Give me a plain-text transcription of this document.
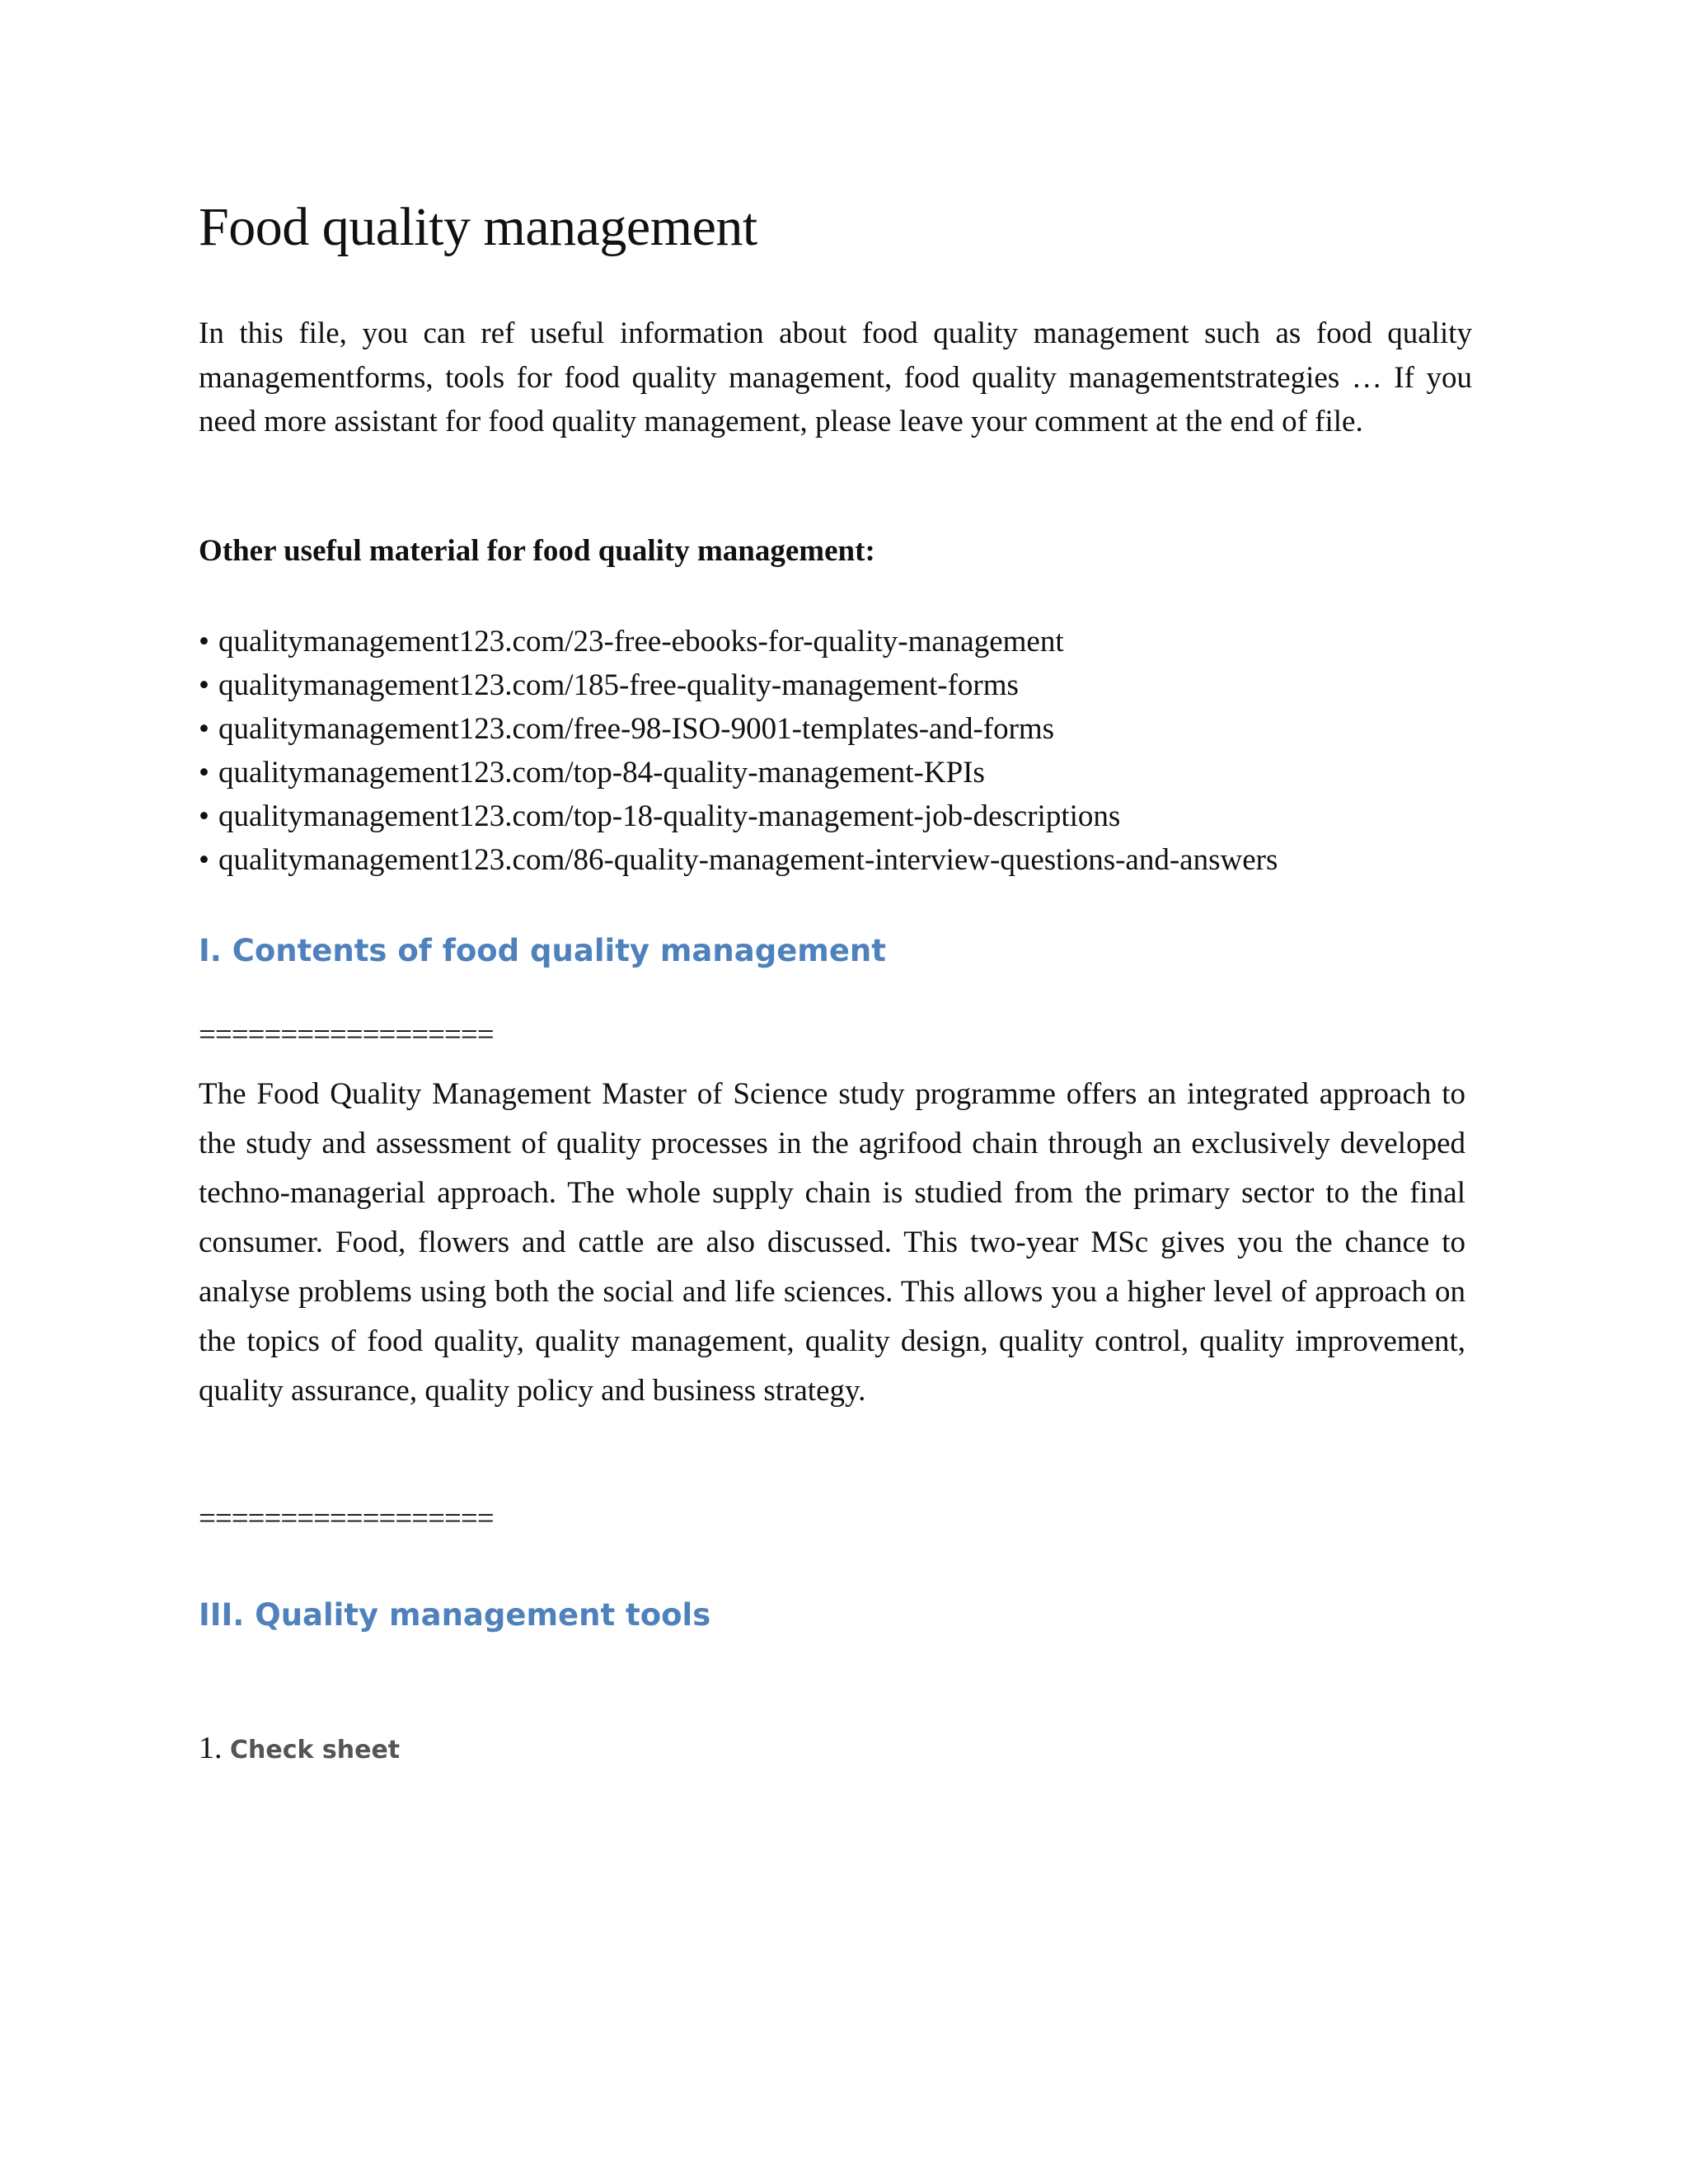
Food quality management

In this file, you can ref useful information about food quality management such as food quality managementforms, tools for food quality management, food quality managementstrategies … If you need more assistant for food quality management, please leave your comment at the end of file.

Other useful material for food quality management:

• qualitymanagement123.com/23-free-ebooks-for-quality-management
• qualitymanagement123.com/185-free-quality-management-forms
• qualitymanagement123.com/free-98-ISO-9001-templates-and-forms
• qualitymanagement123.com/top-84-quality-management-KPIs
• qualitymanagement123.com/top-18-quality-management-job-descriptions
• qualitymanagement123.com/86-quality-management-interview-questions-and-answers
I. Contents of food quality management

==================

The Food Quality Management Master of Science study programme offers an integrated approach to the study and assessment of quality processes in the agrifood chain through an exclusively developed techno-managerial approach. The whole supply chain is studied from the primary sector to the final consumer. Food, flowers and cattle are also discussed. This two-year MSc gives you the chance to analyse problems using both the social and life sciences. This allows you a higher level of approach on the topics of food quality, quality management, quality design, quality control, quality improvement, quality assurance, quality policy and business strategy.

==================

III. Quality management tools

1. Check sheet
